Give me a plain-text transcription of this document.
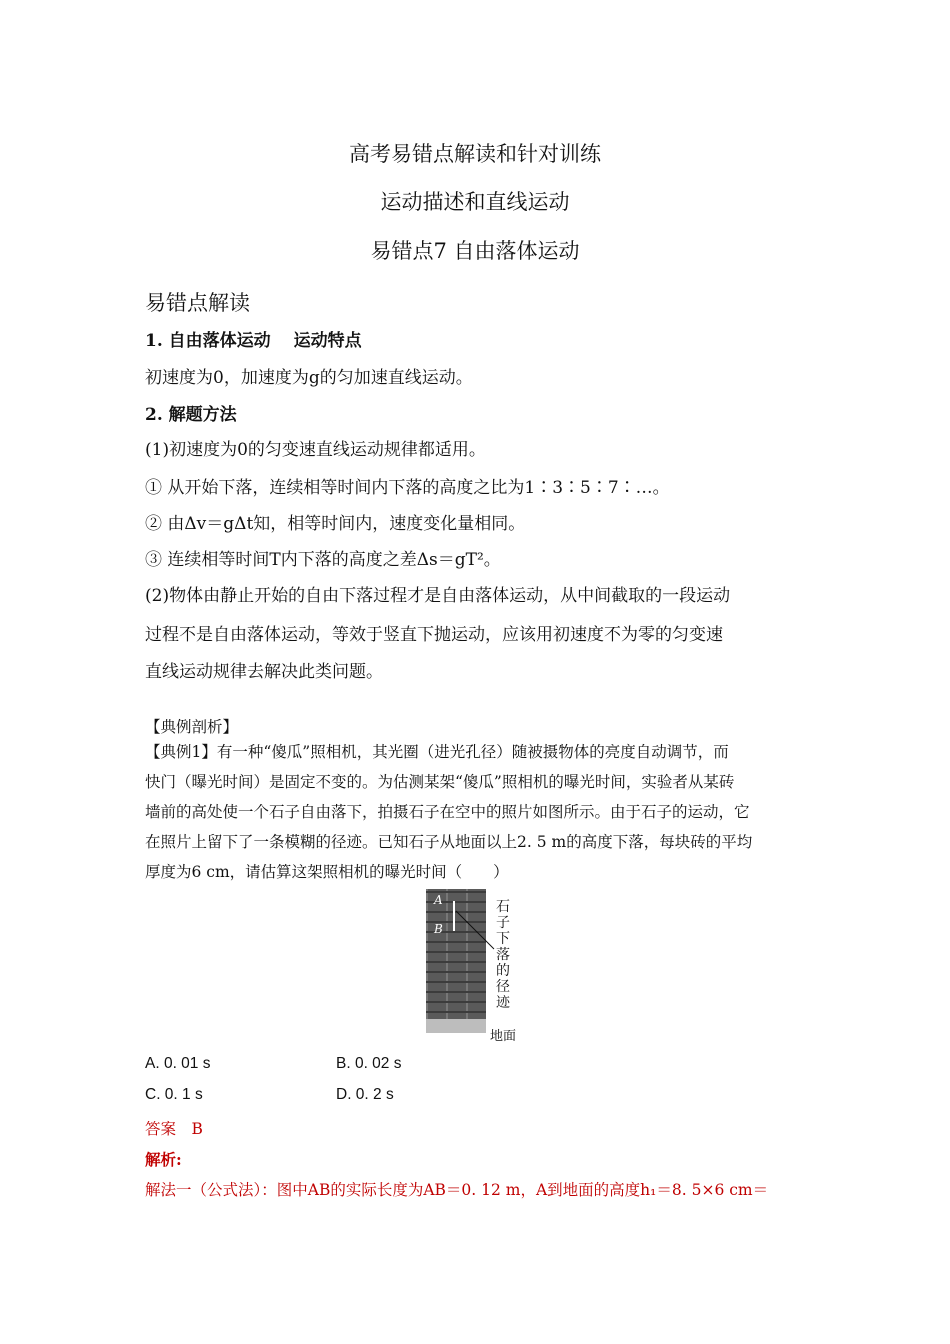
高考易错点解读和针对训练
运动描述和直线运动
易错点7 自由落体运动
易错点解读
1. 自由落体运动　 运动特点
初速度为0，加速度为g的匀加速直线运动。
2. 解题方法
(1)初速度为0的匀变速直线运动规律都适用。
① 从开始下落，连续相等时间内下落的高度之比为1∶3∶5∶7∶…。
② 由Δv＝gΔt知，相等时间内，速度变化量相同。
③ 连续相等时间T内下落的高度之差Δs＝gT²。
(2)物体由静止开始的自由下落过程才是自由落体运动，从中间截取的一段运动
过程不是自由落体运动，等效于竖直下抛运动，应该用初速度不为零的匀变速
直线运动规律去解决此类问题。
【典例剖析】
【典例1】有一种“傻瓜”照相机，其光圈（进光孔径）随被摄物体的亮度自动调节，而
快门（曝光时间）是固定不变的。为估测某架“傻瓜”照相机的曝光时间，实验者从某砖
墙前的高处使一个石子自由落下，拍摄石子在空中的照片如图所示。由于石子的运动，它
在照片上留下了一条模糊的径迹。已知石子从地面以上2. 5 m的高度下落，每块砖的平均
厚度为6 cm，请估算这架照相机的曝光时间（　　）
A
B
石子下落的径迹
地面
A. 0. 01 s	B. 0. 02 s
C. 0. 1 s	D. 0. 2 s
答案　B
解析:
解法一（公式法）：图中AB的实际长度为AB＝0. 12 m，A到地面的高度h₁＝8. 5×6 cm＝
